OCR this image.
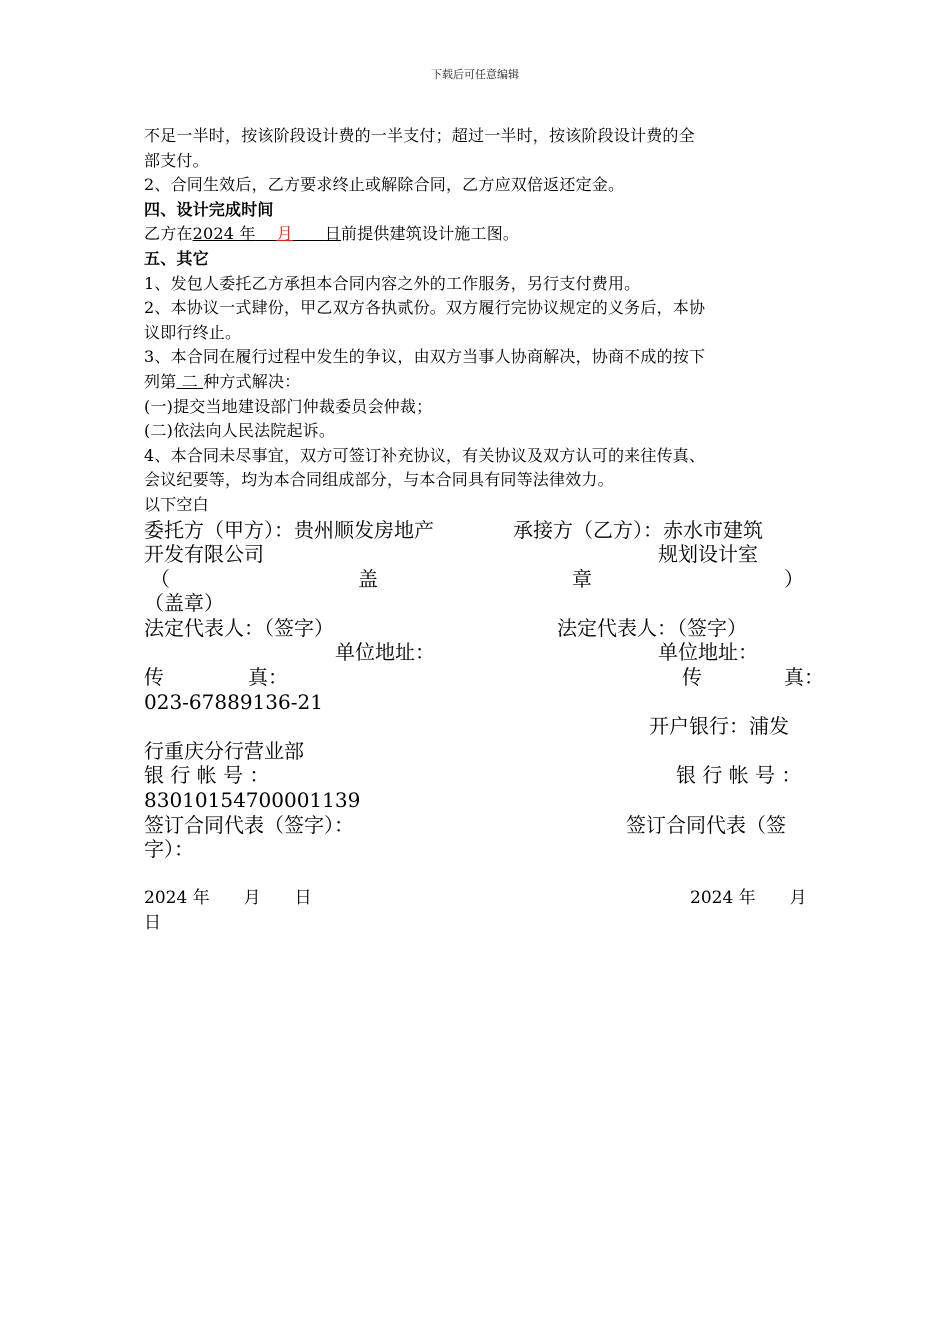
下载后可任意编辑

不足一半时，按该阶段设计费的一半支付；超过一半时，按该阶段设计费的全

部支付。

2、合同生效后，乙方要求终止或解除合同，乙方应双倍返还定金。

四、设计完成时间

乙方在2024 年 月 日前提供建筑设计施工图。

五、其它

1、发包人委托乙方承担本合同内容之外的工作服务，另行支付费用。

2、本协议一式肆份，甲乙双方各执贰份。双方履行完协议规定的义务后，本协

议即行终止。

3、本合同在履行过程中发生的争议，由双方当事人协商解决，协商不成的按下

列第 二 种方式解决：

(一)提交当地建设部门仲裁委员会仲裁；

(二)依法向人民法院起诉。

4、本合同未尽事宜，双方可签订补充协议，有关协议及双方认可的来往传真、

会议纪要等，均为本合同组成部分，与本合同具有同等法律效力。

以下空白

委托方（甲方）：贵州顺发房地产	承接方（乙方）：赤水市建筑
开发有限公司	规划设计室
（	盖	章	）
（盖章）
法定代表人：（签字）	法定代表人：（签字）
单位地址：	单位地址：
传	真：	传	真：
023-67889136-21
开户银行：浦发
行重庆分行营业部
银 行 帐 号 ：	银 行 帐 号 ：
83010154700001139
签订合同代表（签字）：	签订合同代表（签
字）：
2024 年　　月　　日	2024 年　　月
日
